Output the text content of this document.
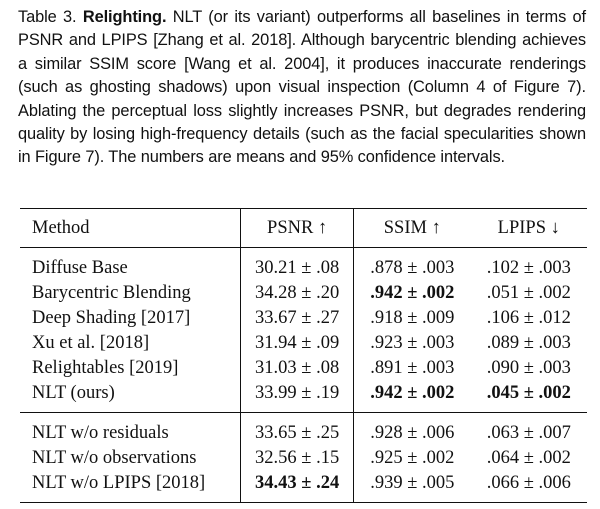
Table 3. Relighting. NLT (or its variant) outperforms all baselines in terms of PSNR and LPIPS [Zhang et al. 2018]. Although barycentric blending achieves a similar SSIM score [Wang et al. 2004], it produces inaccurate renderings (such as ghosting shadows) upon visual inspection (Column 4 of Figure 7). Ablating the perceptual loss slightly increases PSNR, but degrades rendering quality by losing high-frequency details (such as the facial specularities shown in Figure 7). The numbers are means and 95% confidence intervals.
Method	PSNR ↑	SSIM ↑	LPIPS ↓
Diffuse Base	30.21 ± .08	.878 ± .003	.102 ± .003
Barycentric Blending	34.28 ± .20	.942 ± .002	.051 ± .002
Deep Shading [2017]	33.67 ± .27	.918 ± .009	.106 ± .012
Xu et al. [2018]	31.94 ± .09	.923 ± .003	.089 ± .003
Relightables [2019]	31.03 ± .08	.891 ± .003	.090 ± .003
NLT (ours)	33.99 ± .19	.942 ± .002	.045 ± .002
NLT w/o residuals	33.65 ± .25	.928 ± .006	.063 ± .007
NLT w/o observations	32.56 ± .15	.925 ± .002	.064 ± .002
NLT w/o LPIPS [2018]	34.43 ± .24	.939 ± .005	.066 ± .006
